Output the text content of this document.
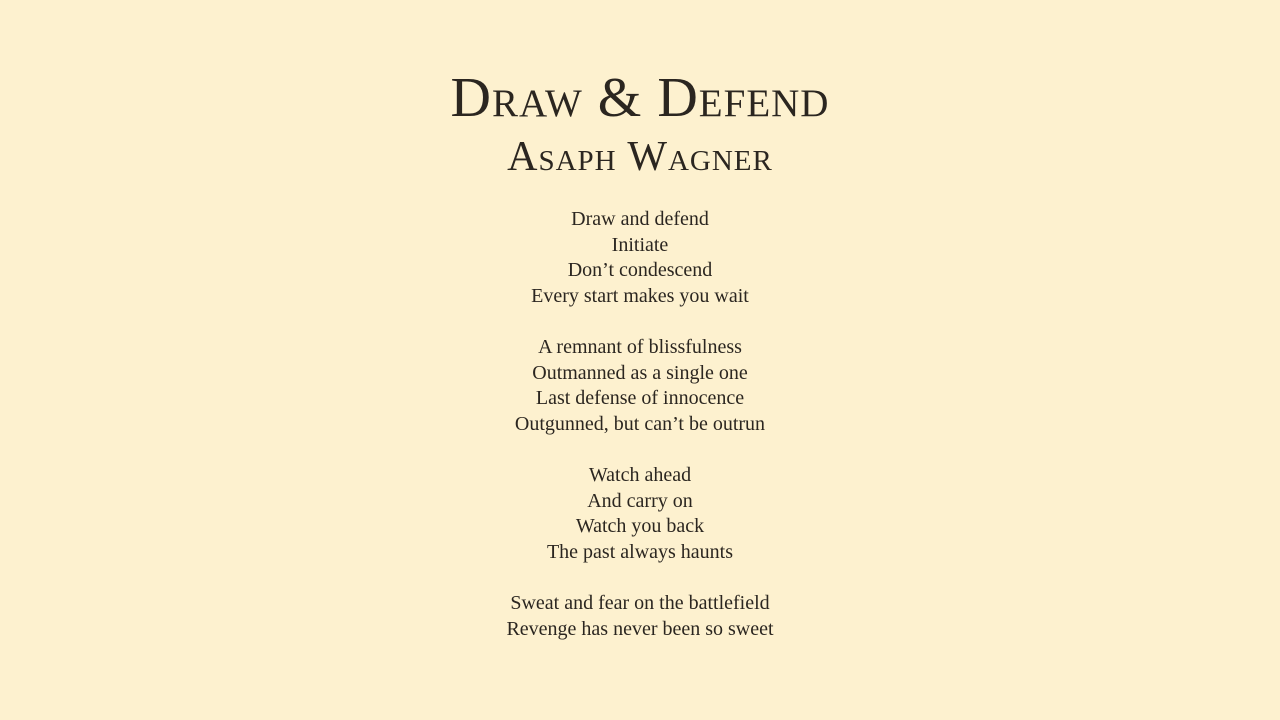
Draw & Defend
Asaph Wagner
Draw and defend
Initiate
Don’t condescend
Every start makes you wait
A remnant of blissfulness
Outmanned as a single one
Last defense of innocence
Outgunned, but can’t be outrun
Watch ahead
And carry on
Watch you back
The past always haunts
Sweat and fear on the battlefield
Revenge has never been so sweet
